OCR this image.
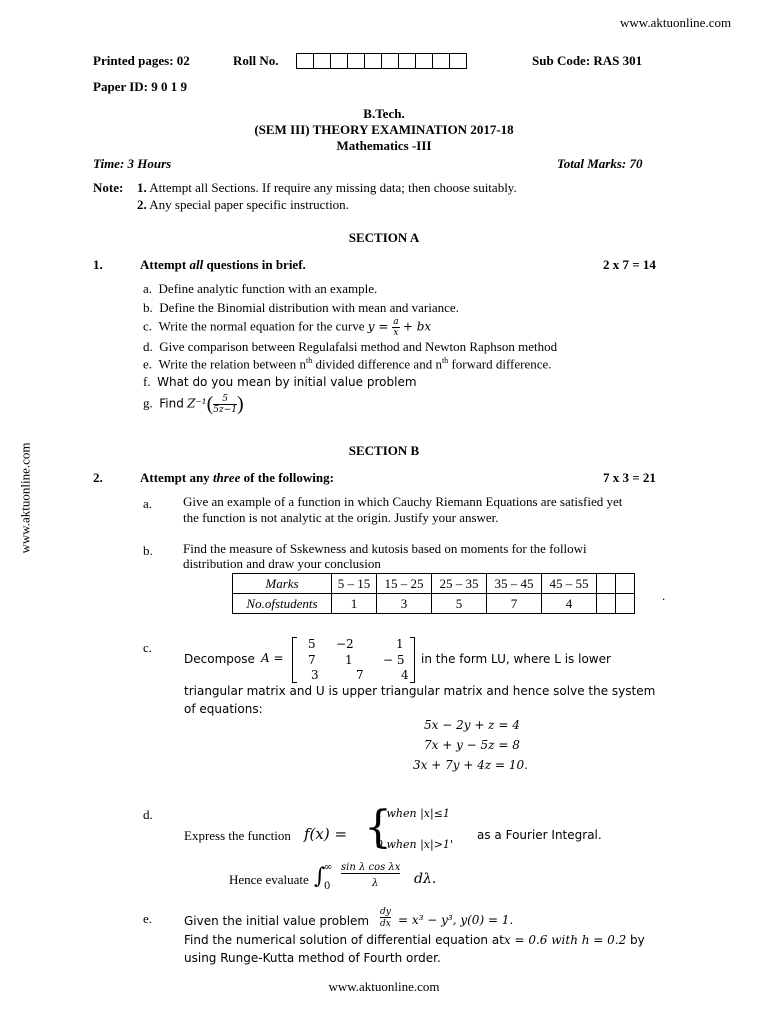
www.aktuonline.com
www.aktuonline.com
Printed pages: 02	Roll No.	Sub Code: RAS 301
Paper ID: 9 0 1 9
B.Tech.
(SEM III) THEORY EXAMINATION 2017-18
Mathematics -III
Time: 3 Hours	Total Marks: 70
Note: 1. Attempt all Sections. If require any missing data; then choose suitably.
2. Any special paper specific instruction.
SECTION A
1.	Attempt all questions in brief.	2 x 7 = 14
a. Define analytic function with an example.
b. Define the Binomial distribution with mean and variance.
c. Write the normal equation for the curve $y = \frac{a}{x}$ + bx
d. Give comparison between Regulafalsi method and Newton Raphson method
e. Write the relation between $n^{th}$ divided difference and $n^{th}$ forward difference.
f. What do you mean by initial value problem
g. Find $Z^{-1}( \frac{5}{5z-1}$ )
SECTION B
2.	Attempt any three of the following:	7 x 3 = 21
a. Give an example of a function in which Cauchy Riemann Equations are satisfied yet
the function is not analytic at the origin. Justify your answer.
b. Find the measure of Sskewness and kutosis based on moments for the followi
distribution and draw your conclusion
Marks	5 – 15	15 – 25	25 – 35	35 – 45	45 – 55		
No.ofstudents	1	3	5	7	4			.
c.
Decompose A =
5 −2	1
7 1	− 5
3	7	4
in the form LU, where L is lower
triangular matrix and U is upper triangular matrix and hence solve the system
of equations:
5x − 2y + z = 4
7x + y − 5z = 8
3x + 7y + 4z = 10.
d.
Express the function f(x) = {
1 when |x|≤1
0 when |x|>1'
as a Fourier Integral.
Hence evaluate ∫
∞
0
sin λ cos λx
λ	dλ.
e.	Given the initial value problem
dy
dx = x³ − y³, y(0) = 1.
Find the numerical solution of differential equation atx = 0.6 with h = 0.2 by
using Runge-Kutta method of Fourth order.
www.aktuonline.com
